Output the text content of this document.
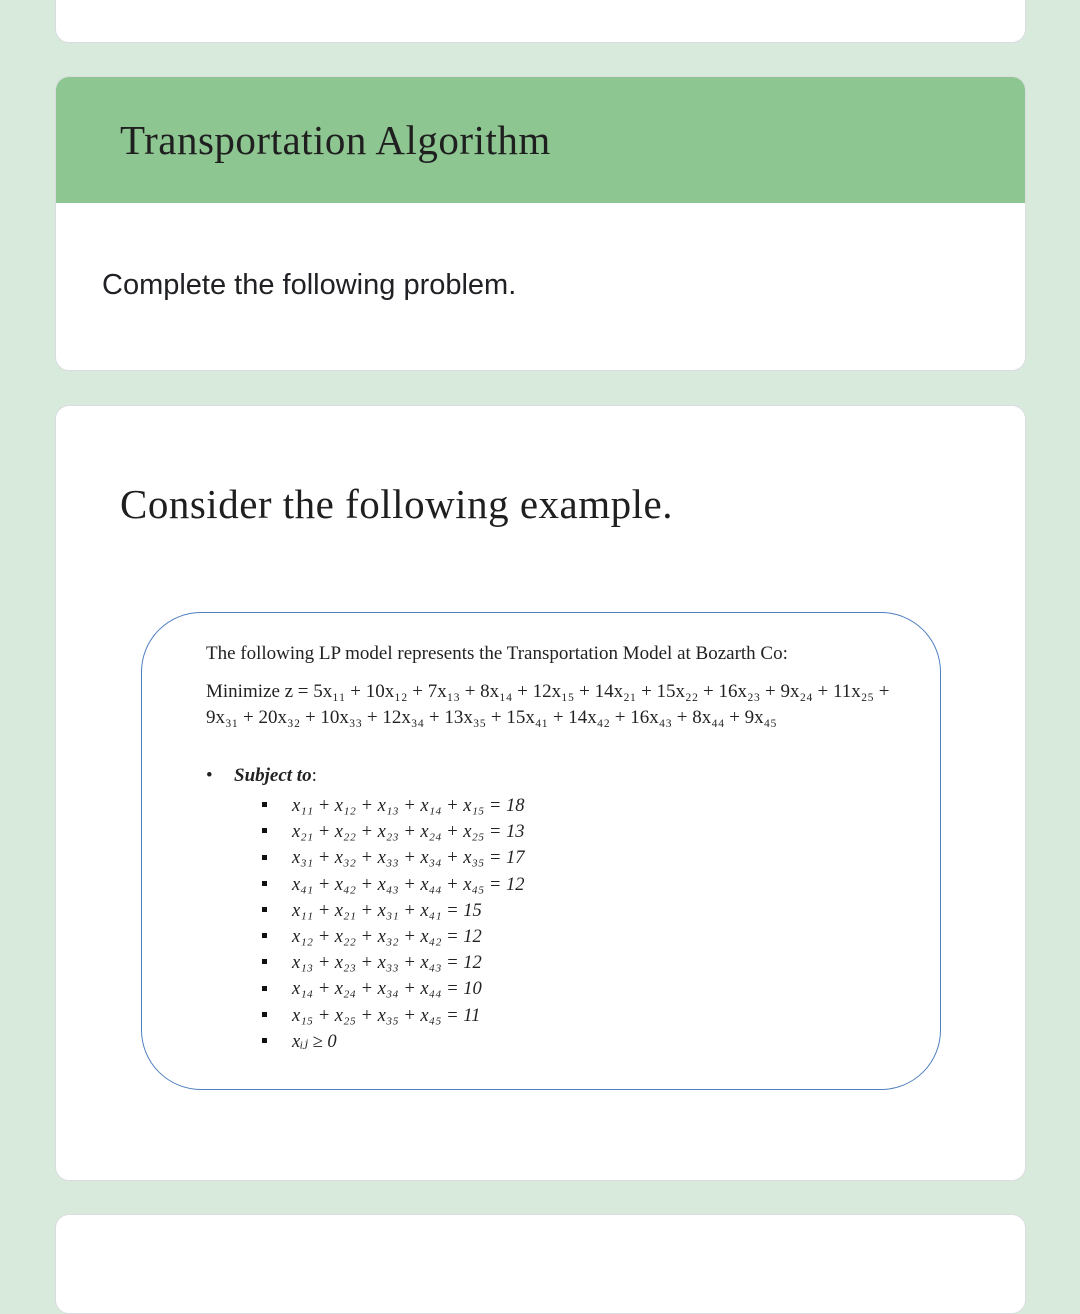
Transportation Algorithm
Complete the following problem.
Consider the following example.
The following LP model represents the Transportation Model at Bozarth Co:
Minimize z = 5x₁₁ + 10x₁₂ + 7x₁₃ + 8x₁₄ + 12x₁₅ + 14x₂₁ + 15x₂₂ + 16x₂₃ + 9x₂₄ + 11x₂₅ + 9x₃₁ + 20x₃₂ + 10x₃₃ + 12x₃₄ + 13x₃₅ + 15x₄₁ + 14x₄₂ + 16x₄₃ + 8x₄₄ + 9x₄₅
• Subject to:
x₁₁ + x₁₂ + x₁₃ + x₁₄ + x₁₅ = 18
x₂₁ + x₂₂ + x₂₃ + x₂₄ + x₂₅ = 13
x₃₁ + x₃₂ + x₃₃ + x₃₄ + x₃₅ = 17
x₄₁ + x₄₂ + x₄₃ + x₄₄ + x₄₅ = 12
x₁₁ + x₂₁ + x₃₁ + x₄₁ = 15
x₁₂ + x₂₂ + x₃₂ + x₄₂ = 12
x₁₃ + x₂₃ + x₃₃ + x₄₃ = 12
x₁₄ + x₂₄ + x₃₄ + x₄₄ = 10
x₁₅ + x₂₅ + x₃₅ + x₄₅ = 11
xᵢⱼ ≥ 0
